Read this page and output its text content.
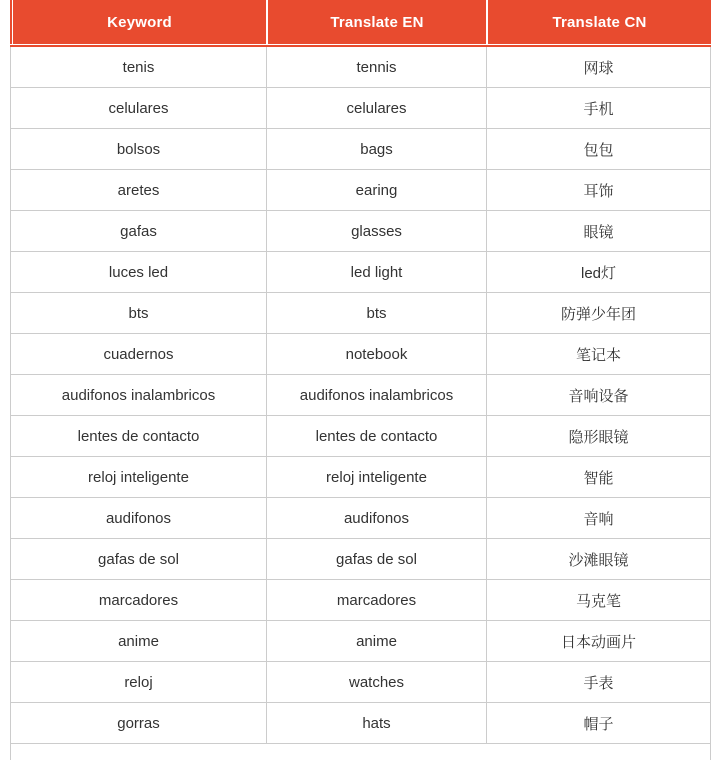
Keyword	Translate EN	Translate CN
tenis	tennis	网球
celulares	celulares	手机
bolsos	bags	包包
aretes	earing	耳饰
gafas	glasses	眼镜
luces led	led light	led灯
bts	bts	防弹少年团
cuadernos	notebook	笔记本
audifonos inalambricos	audifonos inalambricos	音响设备
lentes de contacto	lentes de contacto	隐形眼镜
reloj inteligente	reloj inteligente	智能
audifonos	audifonos	音响
gafas de sol	gafas de sol	沙滩眼镜
marcadores	marcadores	马克笔
anime	anime	日本动画片
reloj	watches	手表
gorras	hats	帽子
